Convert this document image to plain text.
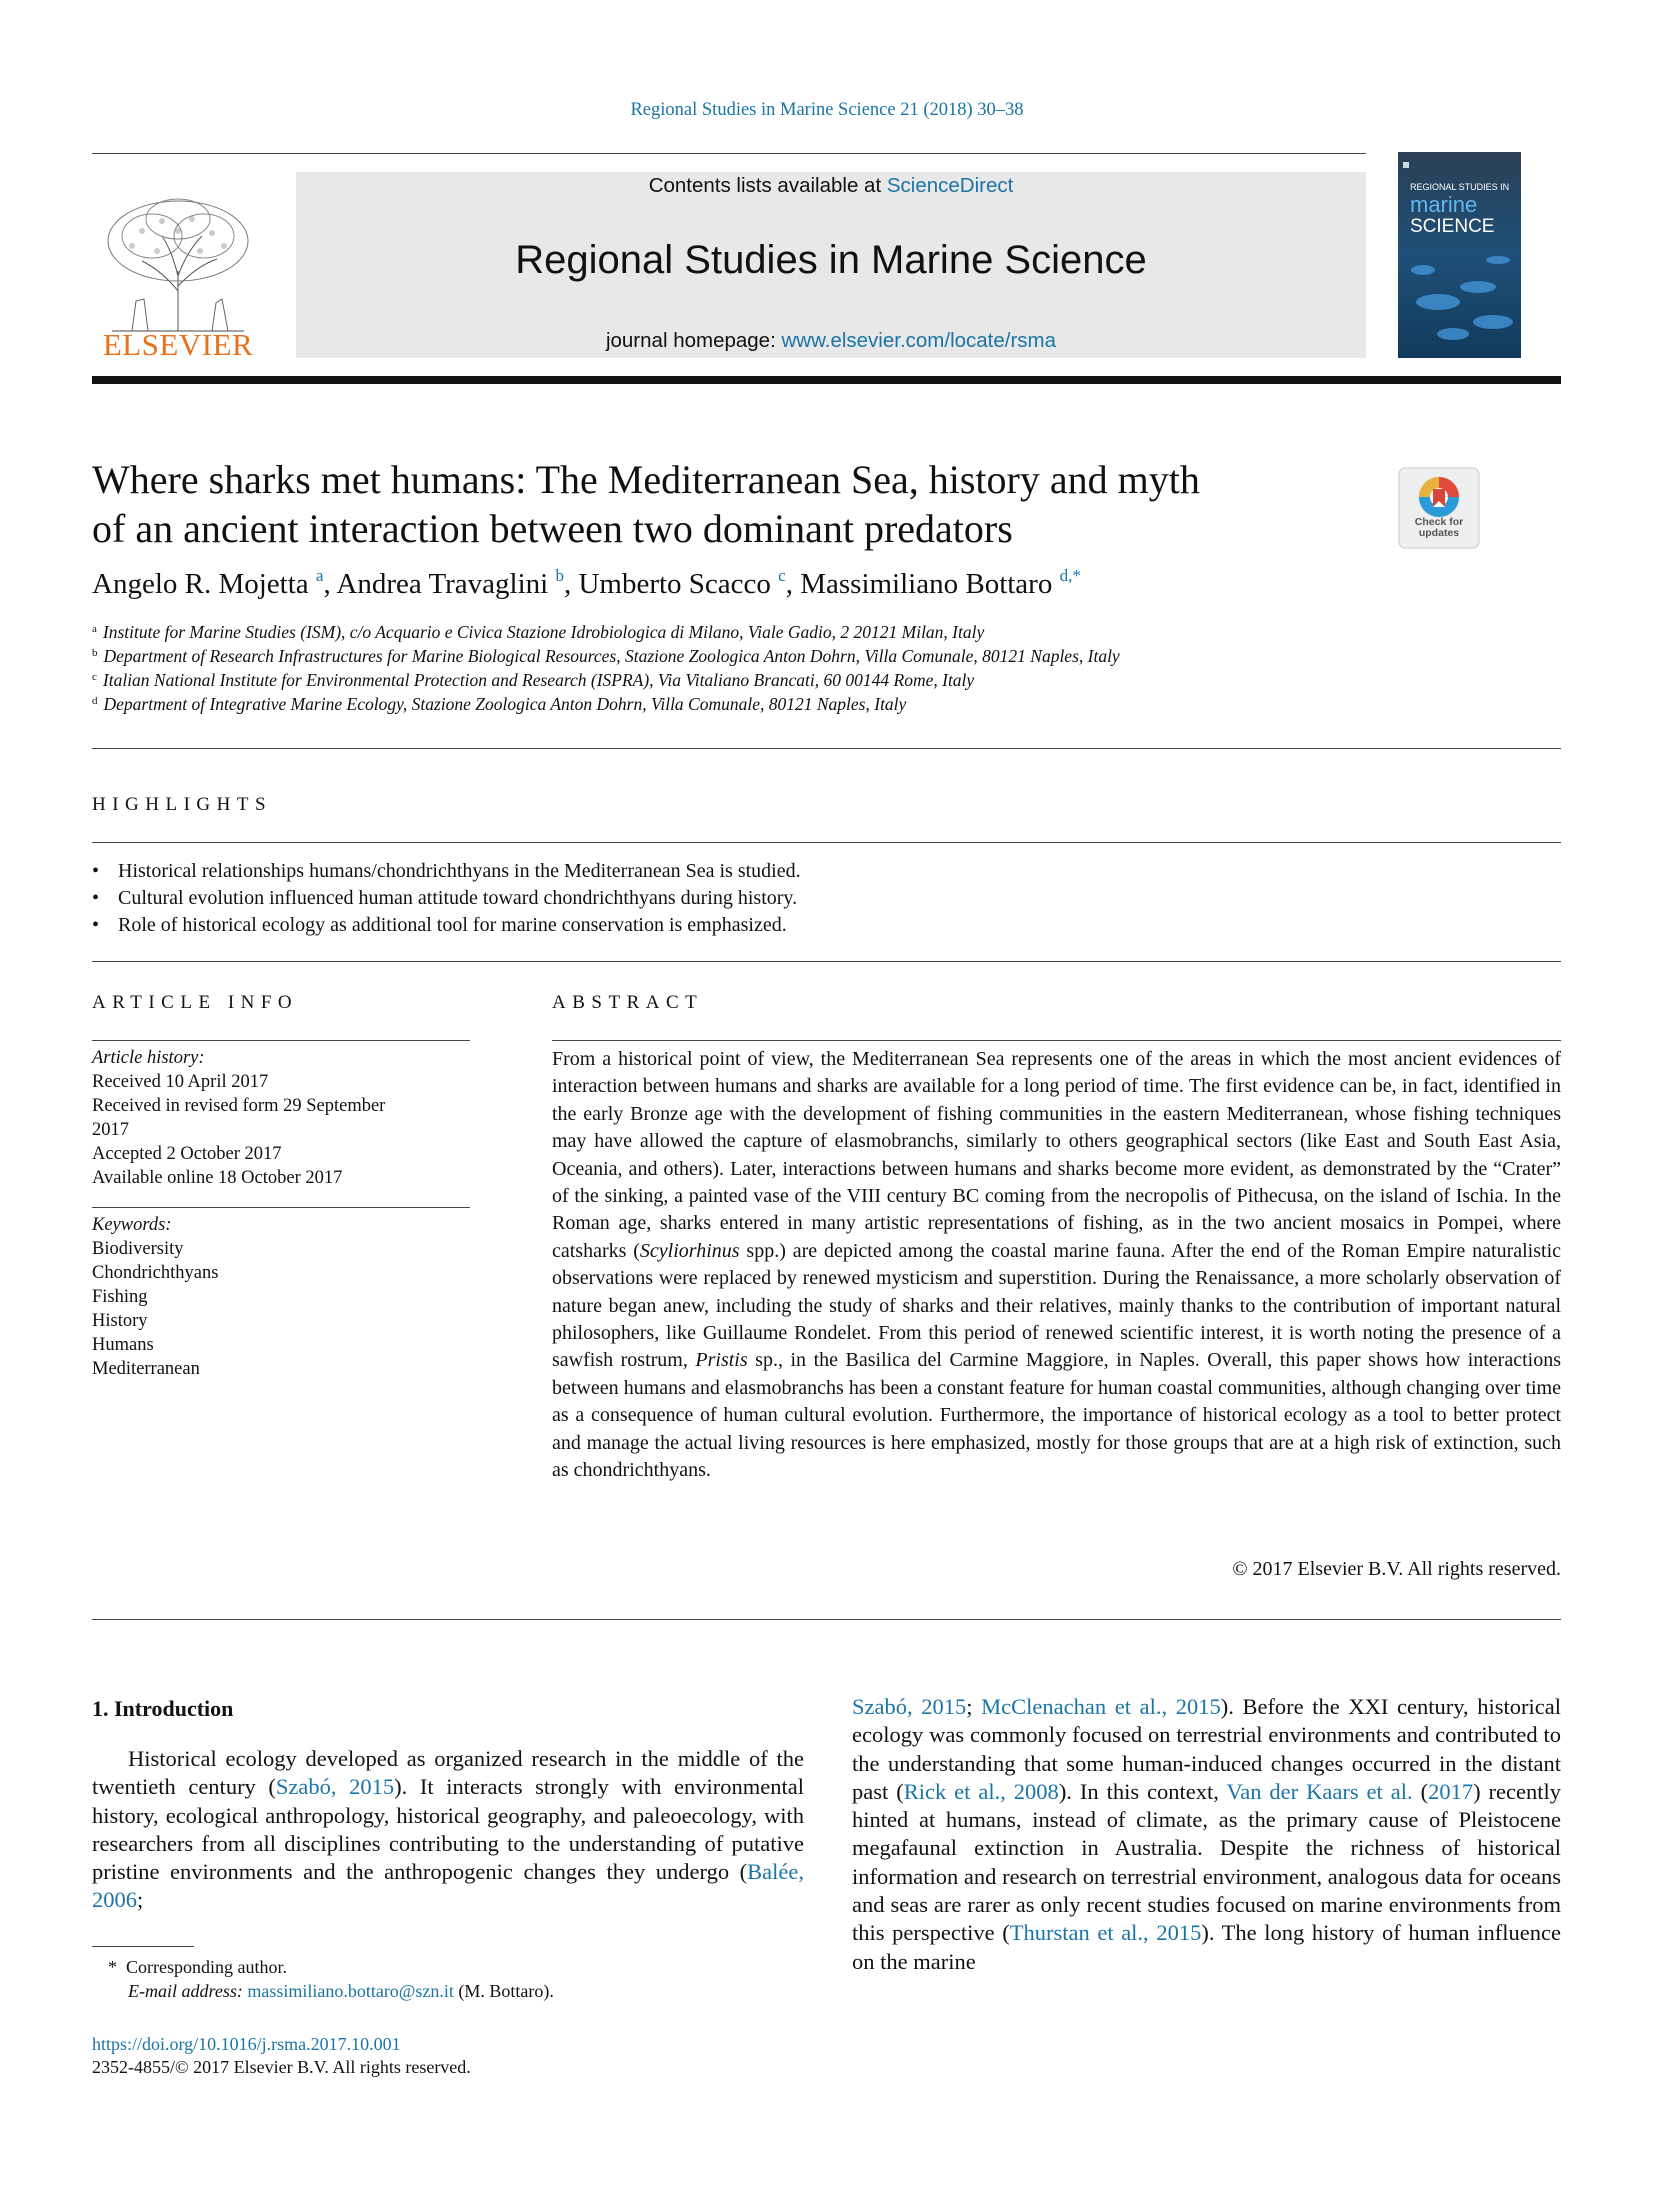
Regional Studies in Marine Science 21 (2018) 30–38
ELSEVIER
Contents lists available at ScienceDirect
Regional Studies in Marine Science
journal homepage: www.elsevier.com/locate/rsma
REGIONAL STUDIES IN
marine
SCIENCE
Where sharks met humans: The Mediterranean Sea, history and myth
of an ancient interaction between two dominant predators	Check for
updates
Angelo R. Mojetta $^a$, Andrea Travaglini $^b$, Umberto Scacco $^c$, Massimiliano Bottaro $^{d,*}$
$^a$ Institute for Marine Studies (ISM), c/o Acquario e Civica Stazione Idrobiologica di Milano, Viale Gadio, 2 20121 Milan, Italy
$^b$ Department of Research Infrastructures for Marine Biological Resources, Stazione Zoologica Anton Dohrn, Villa Comunale, 80121 Naples, Italy
$^c$ Italian National Institute for Environmental Protection and Research (ISPRA), Via Vitaliano Brancati, 60 00144 Rome, Italy
$^d$ Department of Integrative Marine Ecology, Stazione Zoologica Anton Dohrn, Villa Comunale, 80121 Naples, Italy
HIGHLIGHTS
• Historical relationships humans/chondrichthyans in the Mediterranean Sea is studied.
• Cultural evolution influenced human attitude toward chondrichthyans during history.
• Role of historical ecology as additional tool for marine conservation is emphasized.
ARTICLE INFO
Article history:
Received 10 April 2017
Received in revised form 29 September
2017
Accepted 2 October 2017
Available online 18 October 2017
Keywords:
Biodiversity
Chondrichthyans
Fishing
History
Humans
Mediterranean
ABSTRACT
From a historical point of view, the Mediterranean Sea represents one of the areas in which the most ancient evidences of interaction between humans and sharks are available for a long period of time. The first evidence can be, in fact, identified in the early Bronze age with the development of fishing communities in the eastern Mediterranean, whose fishing techniques may have allowed the capture of elasmobranchs, similarly to others geographical sectors (like East and South East Asia, Oceania, and others). Later, interactions between humans and sharks become more evident, as demonstrated by the “Crater” of the sinking, a painted vase of the VIII century BC coming from the necropolis of Pithecusa, on the island of Ischia. In the Roman age, sharks entered in many artistic representations of fishing, as in the two ancient mosaics in Pompei, where catsharks (Scyliorhinus spp.) are depicted among the coastal marine fauna. After the end of the Roman Empire naturalistic observations were replaced by renewed mysticism and superstition. During the Renaissance, a more scholarly observation of nature began anew, including the study of sharks and their relatives, mainly thanks to the contribution of important natural philosophers, like Guillaume Rondelet. From this period of renewed scientific interest, it is worth noting the presence of a sawfish rostrum, Pristis sp., in the Basilica del Carmine Maggiore, in Naples. Overall, this paper shows how interactions between humans and elasmobranchs has been a constant feature for human coastal communities, although changing over time as a consequence of human cultural evolution. Furthermore, the importance of historical ecology as a tool to better protect and manage the actual living resources is here emphasized, mostly for those groups that are at a high risk of extinction, such as chondrichthyans.
© 2017 Elsevier B.V. All rights reserved.
1. Introduction
Historical ecology developed as organized research in the middle of the twentieth century (Szabó, 2015). It interacts strongly with environmental history, ecological anthropology, historical geography, and paleoecology, with researchers from all disciplines contributing to the understanding of putative pristine environments and the anthropogenic changes they undergo (Balée, 2006;
Szabó, 2015; McClenachan et al., 2015). Before the XXI century, historical ecology was commonly focused on terrestrial environments and contributed to the understanding that some human-induced changes occurred in the distant past (Rick et al., 2008). In this context, Van der Kaars et al. (2017) recently hinted at humans, instead of climate, as the primary cause of Pleistocene megafaunal extinction in Australia. Despite the richness of historical information and research on terrestrial environment, analogous data for oceans and seas are rarer as only recent studies focused on marine environments from this perspective (Thurstan et al., 2015). The long history of human influence on the marine
* Corresponding author.
E-mail address: massimiliano.bottaro@szn.it (M. Bottaro).
https://doi.org/10.1016/j.rsma.2017.10.001
2352-4855/© 2017 Elsevier B.V. All rights reserved.
